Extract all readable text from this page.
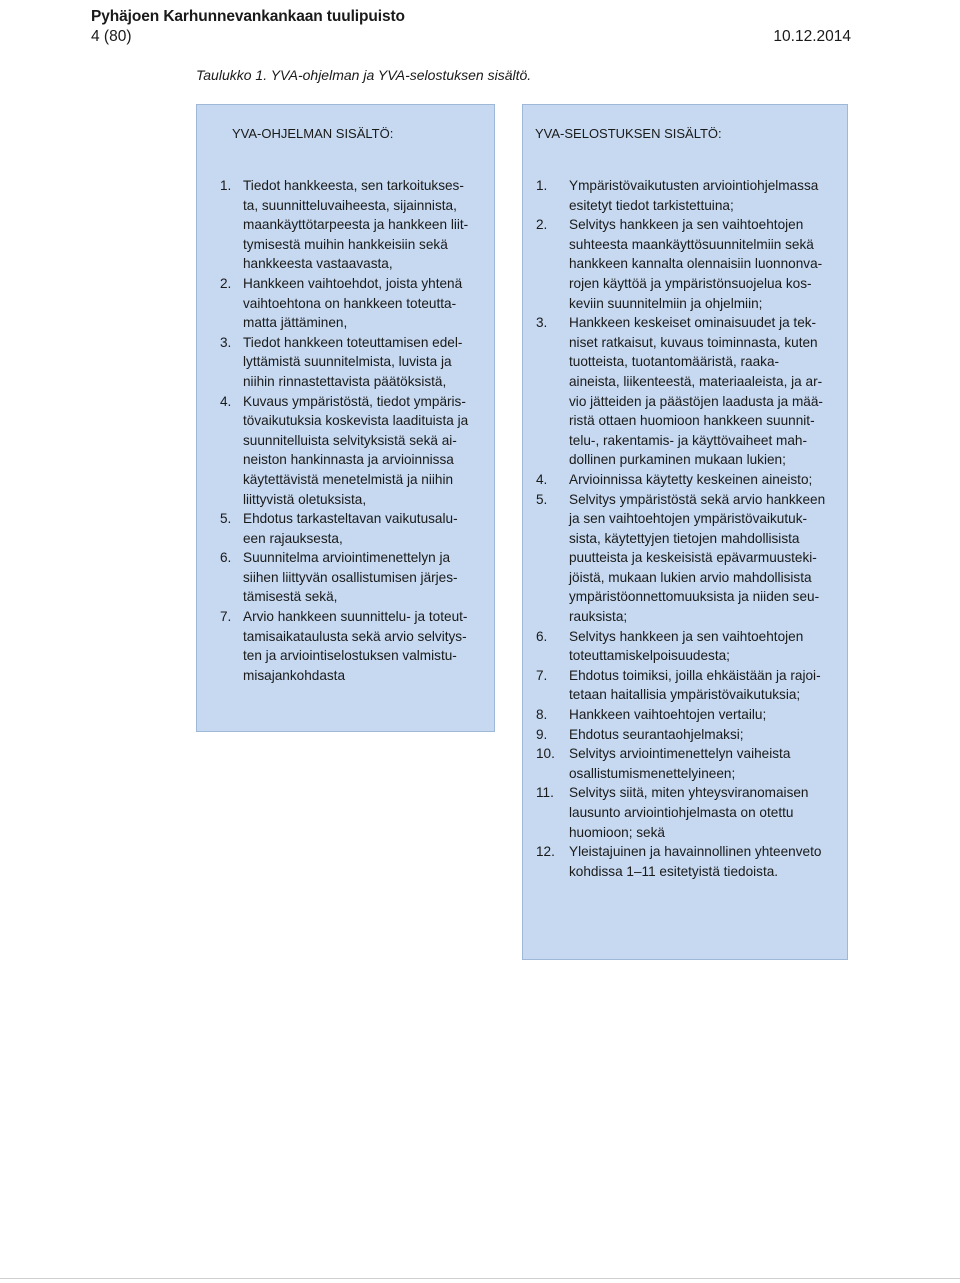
Pyhäjoen Karhunnevankankaan tuulipuisto
4 (80)	10.12.2014
Taulukko 1. YVA-ohjelman ja YVA-selostuksen sisältö.
YVA-OHJELMAN SISÄLTÖ:
1. Tiedot hankkeesta, sen tarkoitukses-
ta, suunnitteluvaiheesta, sijainnista,
maankäyttötarpeesta ja hankkeen liit-
tymisestä muihin hankkeisiin sekä
hankkeesta vastaavasta,
2. Hankkeen vaihtoehdot, joista yhtenä
vaihtoehtona on hankkeen toteutta-
matta jättäminen,
3. Tiedot hankkeen toteuttamisen edel-
lyttämistä suunnitelmista, luvista ja
niihin rinnastettavista päätöksistä,
4. Kuvaus ympäristöstä, tiedot ympäris-
tövaikutuksia koskevista laadituista ja
suunnitelluista selvityksistä sekä ai-
neiston hankinnasta ja arvioinnissa
käytettävistä menetelmistä ja niihin
liittyvistä oletuksista,
5. Ehdotus tarkasteltavan vaikutusalu-
een rajauksesta,
6. Suunnitelma arviointimenettelyn ja
siihen liittyvän osallistumisen järjes-
tämisestä sekä,
7. Arvio hankkeen suunnittelu- ja toteut-
tamisaikataulusta sekä arvio selvitys-
ten ja arviointiselostuksen valmistu-
misajankohdasta
YVA-SELOSTUKSEN SISÄLTÖ:
1. Ympäristövaikutusten arviointiohjelmassa
esitetyt tiedot tarkistettuina;
2. Selvitys hankkeen ja sen vaihtoehtojen
suhteesta maankäyttösuunnitelmiin sekä
hankkeen kannalta olennaisiin luonnonva-
rojen käyttöä ja ympäristönsuojelua kos-
keviin suunnitelmiin ja ohjelmiin;
3. Hankkeen keskeiset ominaisuudet ja tek-
niset ratkaisut, kuvaus toiminnasta, kuten
tuotteista, tuotantomääristä, raaka-
aineista, liikenteestä, materiaaleista, ja ar-
vio jätteiden ja päästöjen laadusta ja mää-
ristä ottaen huomioon hankkeen suunnit-
telu-, rakentamis- ja käyttövaiheet mah-
dollinen purkaminen mukaan lukien;
4. Arvioinnissa käytetty keskeinen aineisto;
5. Selvitys ympäristöstä sekä arvio hankkeen
ja sen vaihtoehtojen ympäristövaikutuk-
sista, käytettyjen tietojen mahdollisista
puutteista ja keskeisistä epävarmuusteki-
jöistä, mukaan lukien arvio mahdollisista
ympäristöonnettomuuksista ja niiden seu-
rauksista;
6. Selvitys hankkeen ja sen vaihtoehtojen
toteuttamiskelpoisuudesta;
7. Ehdotus toimiksi, joilla ehkäistään ja rajoi-
tetaan haitallisia ympäristövaikutuksia;
8. Hankkeen vaihtoehtojen vertailu;
9. Ehdotus seurantaohjelmaksi;
10. Selvitys arviointimenettelyn vaiheista
osallistumismenettelyineen;
11. Selvitys siitä, miten yhteysviranomaisen
lausunto arviointiohjelmasta on otettu
huomioon; sekä
12. Yleistajuinen ja havainnollinen yhteenveto
kohdissa 1–11 esitetyistä tiedoista.
